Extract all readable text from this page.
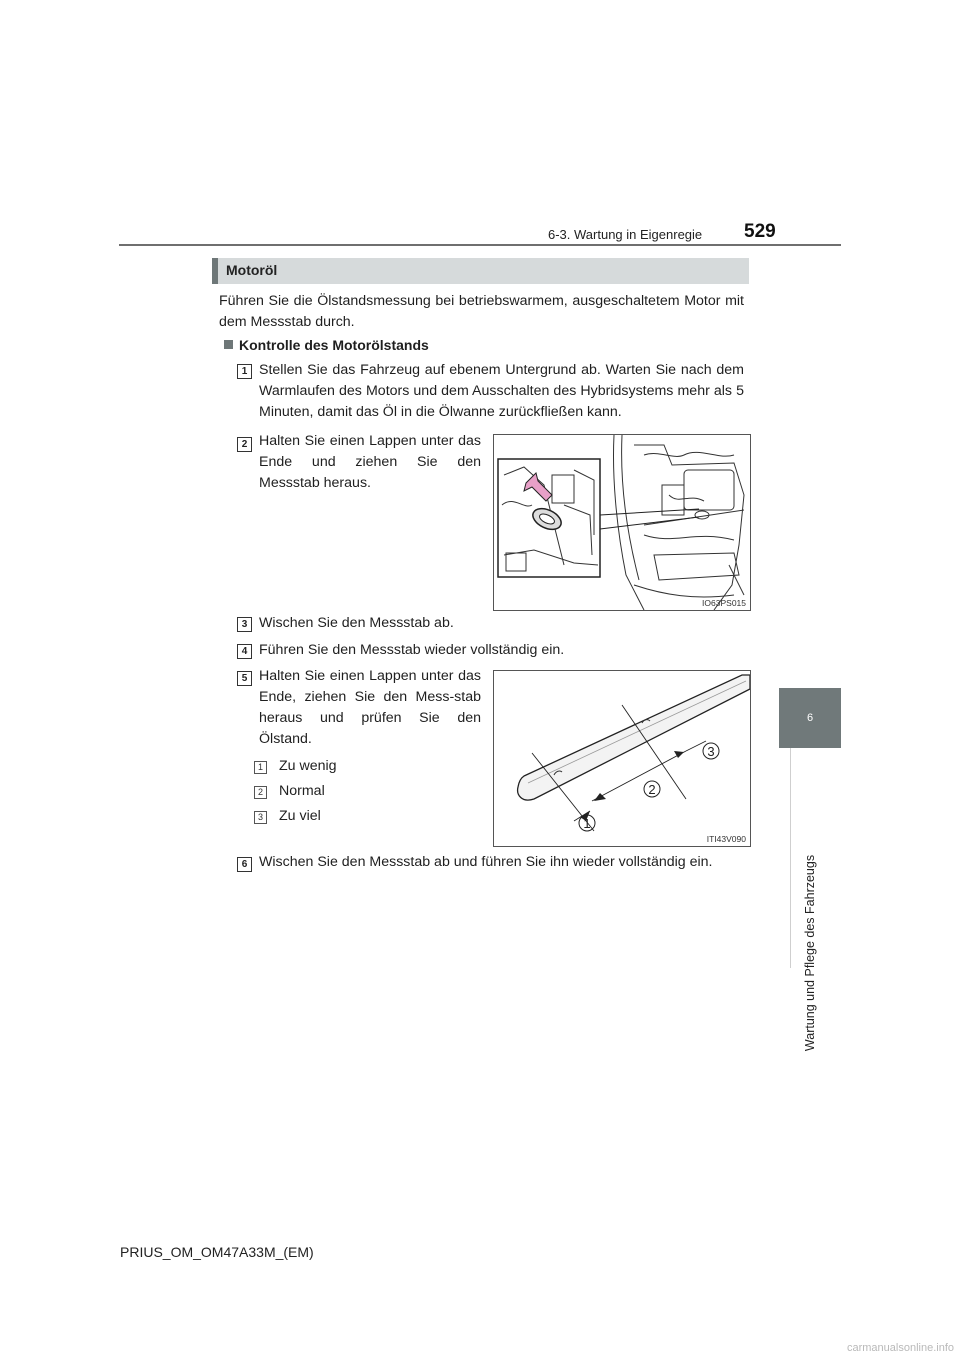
6-3. Wartung in Eigenregie 529
6
Wartung und Pflege des Fahrzeugs
Motoröl
Führen Sie die Ölstandsmessung bei betriebswarmem, ausgeschaltetem Motor mit dem Messstab durch.
Kontrolle des Motorölstands
1 Stellen Sie das Fahrzeug auf ebenem Untergrund ab. Warten Sie nach dem Warmlaufen des Motors und dem Ausschalten des Hybridsystems mehr als 5 Minuten, damit das Öl in die Ölwanne zurückfließen kann.
2 Halten Sie einen Lappen unter das Ende und ziehen Sie den Messstab heraus.
IO63PS015
3 Wischen Sie den Messstab ab.
4 Führen Sie den Messstab wieder vollständig ein.
5 Halten Sie einen Lappen unter das Ende, ziehen Sie den Mess-stab heraus und prüfen Sie den Ölstand.
1 Zu wenig
2 Normal
3 Zu viel	1
2
3
ITI43V090
6 Wischen Sie den Messstab ab und führen Sie ihn wieder vollständig ein.
PRIUS_OM_OM47A33M_(EM)
carmanualsonline.info
